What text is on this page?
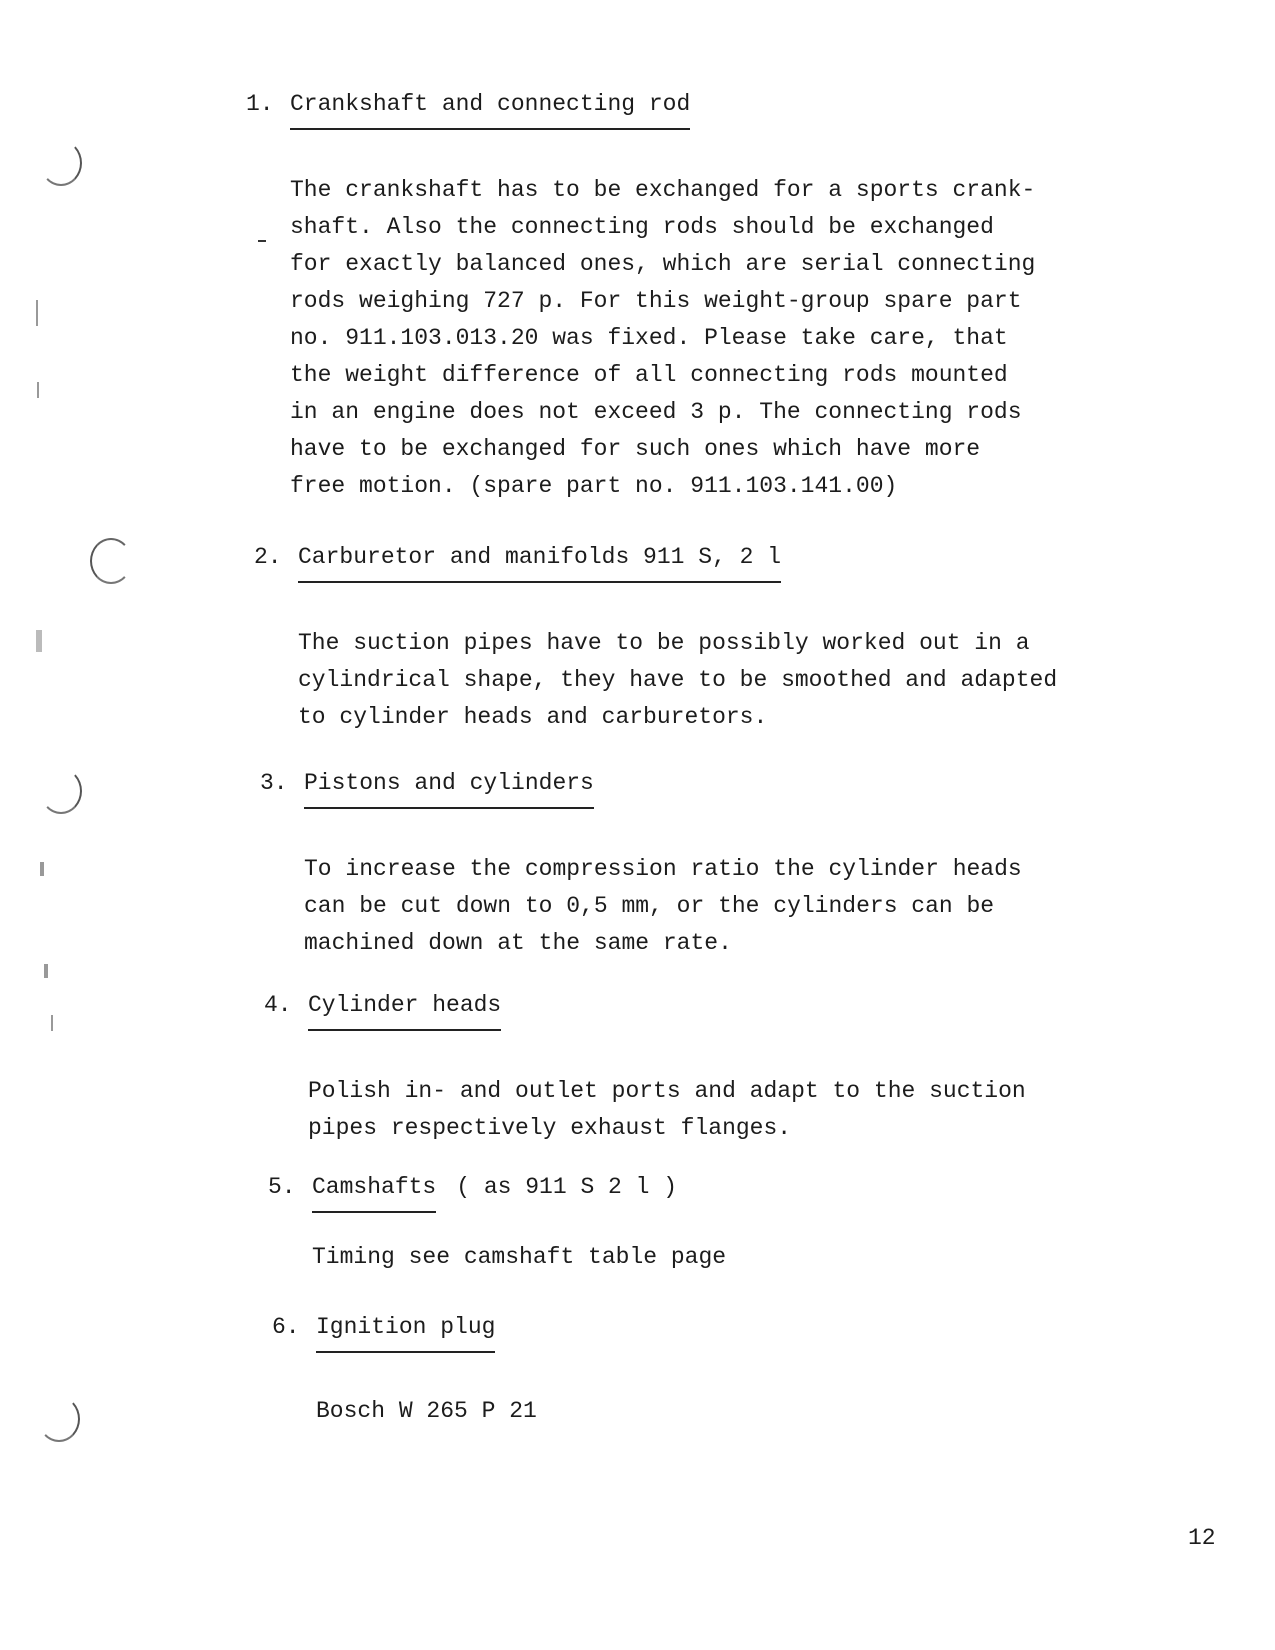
1. Crankshaft and connecting rod
The crankshaft has to be exchanged for a sports crank-
shaft. Also the connecting rods should be exchanged
for exactly balanced ones, which are serial connecting
rods weighing 727 p. For this weight-group spare part
no. 911.103.013.20 was fixed. Please take care, that
the weight difference of all connecting rods mounted
in an engine does not exceed 3 p. The connecting rods
have to be exchanged for such ones which have more
free motion. (spare part no. 911.103.141.00)
2. Carburetor and manifolds 911 S, 2 l
The suction pipes have to be possibly worked out in a
cylindrical shape, they have to be smoothed and adapted
to cylinder heads and carburetors.
3. Pistons and cylinders
To increase the compression ratio the cylinder heads
can be cut down to 0,5 mm, or the cylinders can be
machined down at the same rate.
4. Cylinder heads
Polish in- and outlet ports and adapt to the suction
pipes respectively exhaust flanges.
5. Camshafts ( as 911 S 2 l )
Timing see camshaft table page
6. Ignition plug
Bosch W 265 P 21
12
